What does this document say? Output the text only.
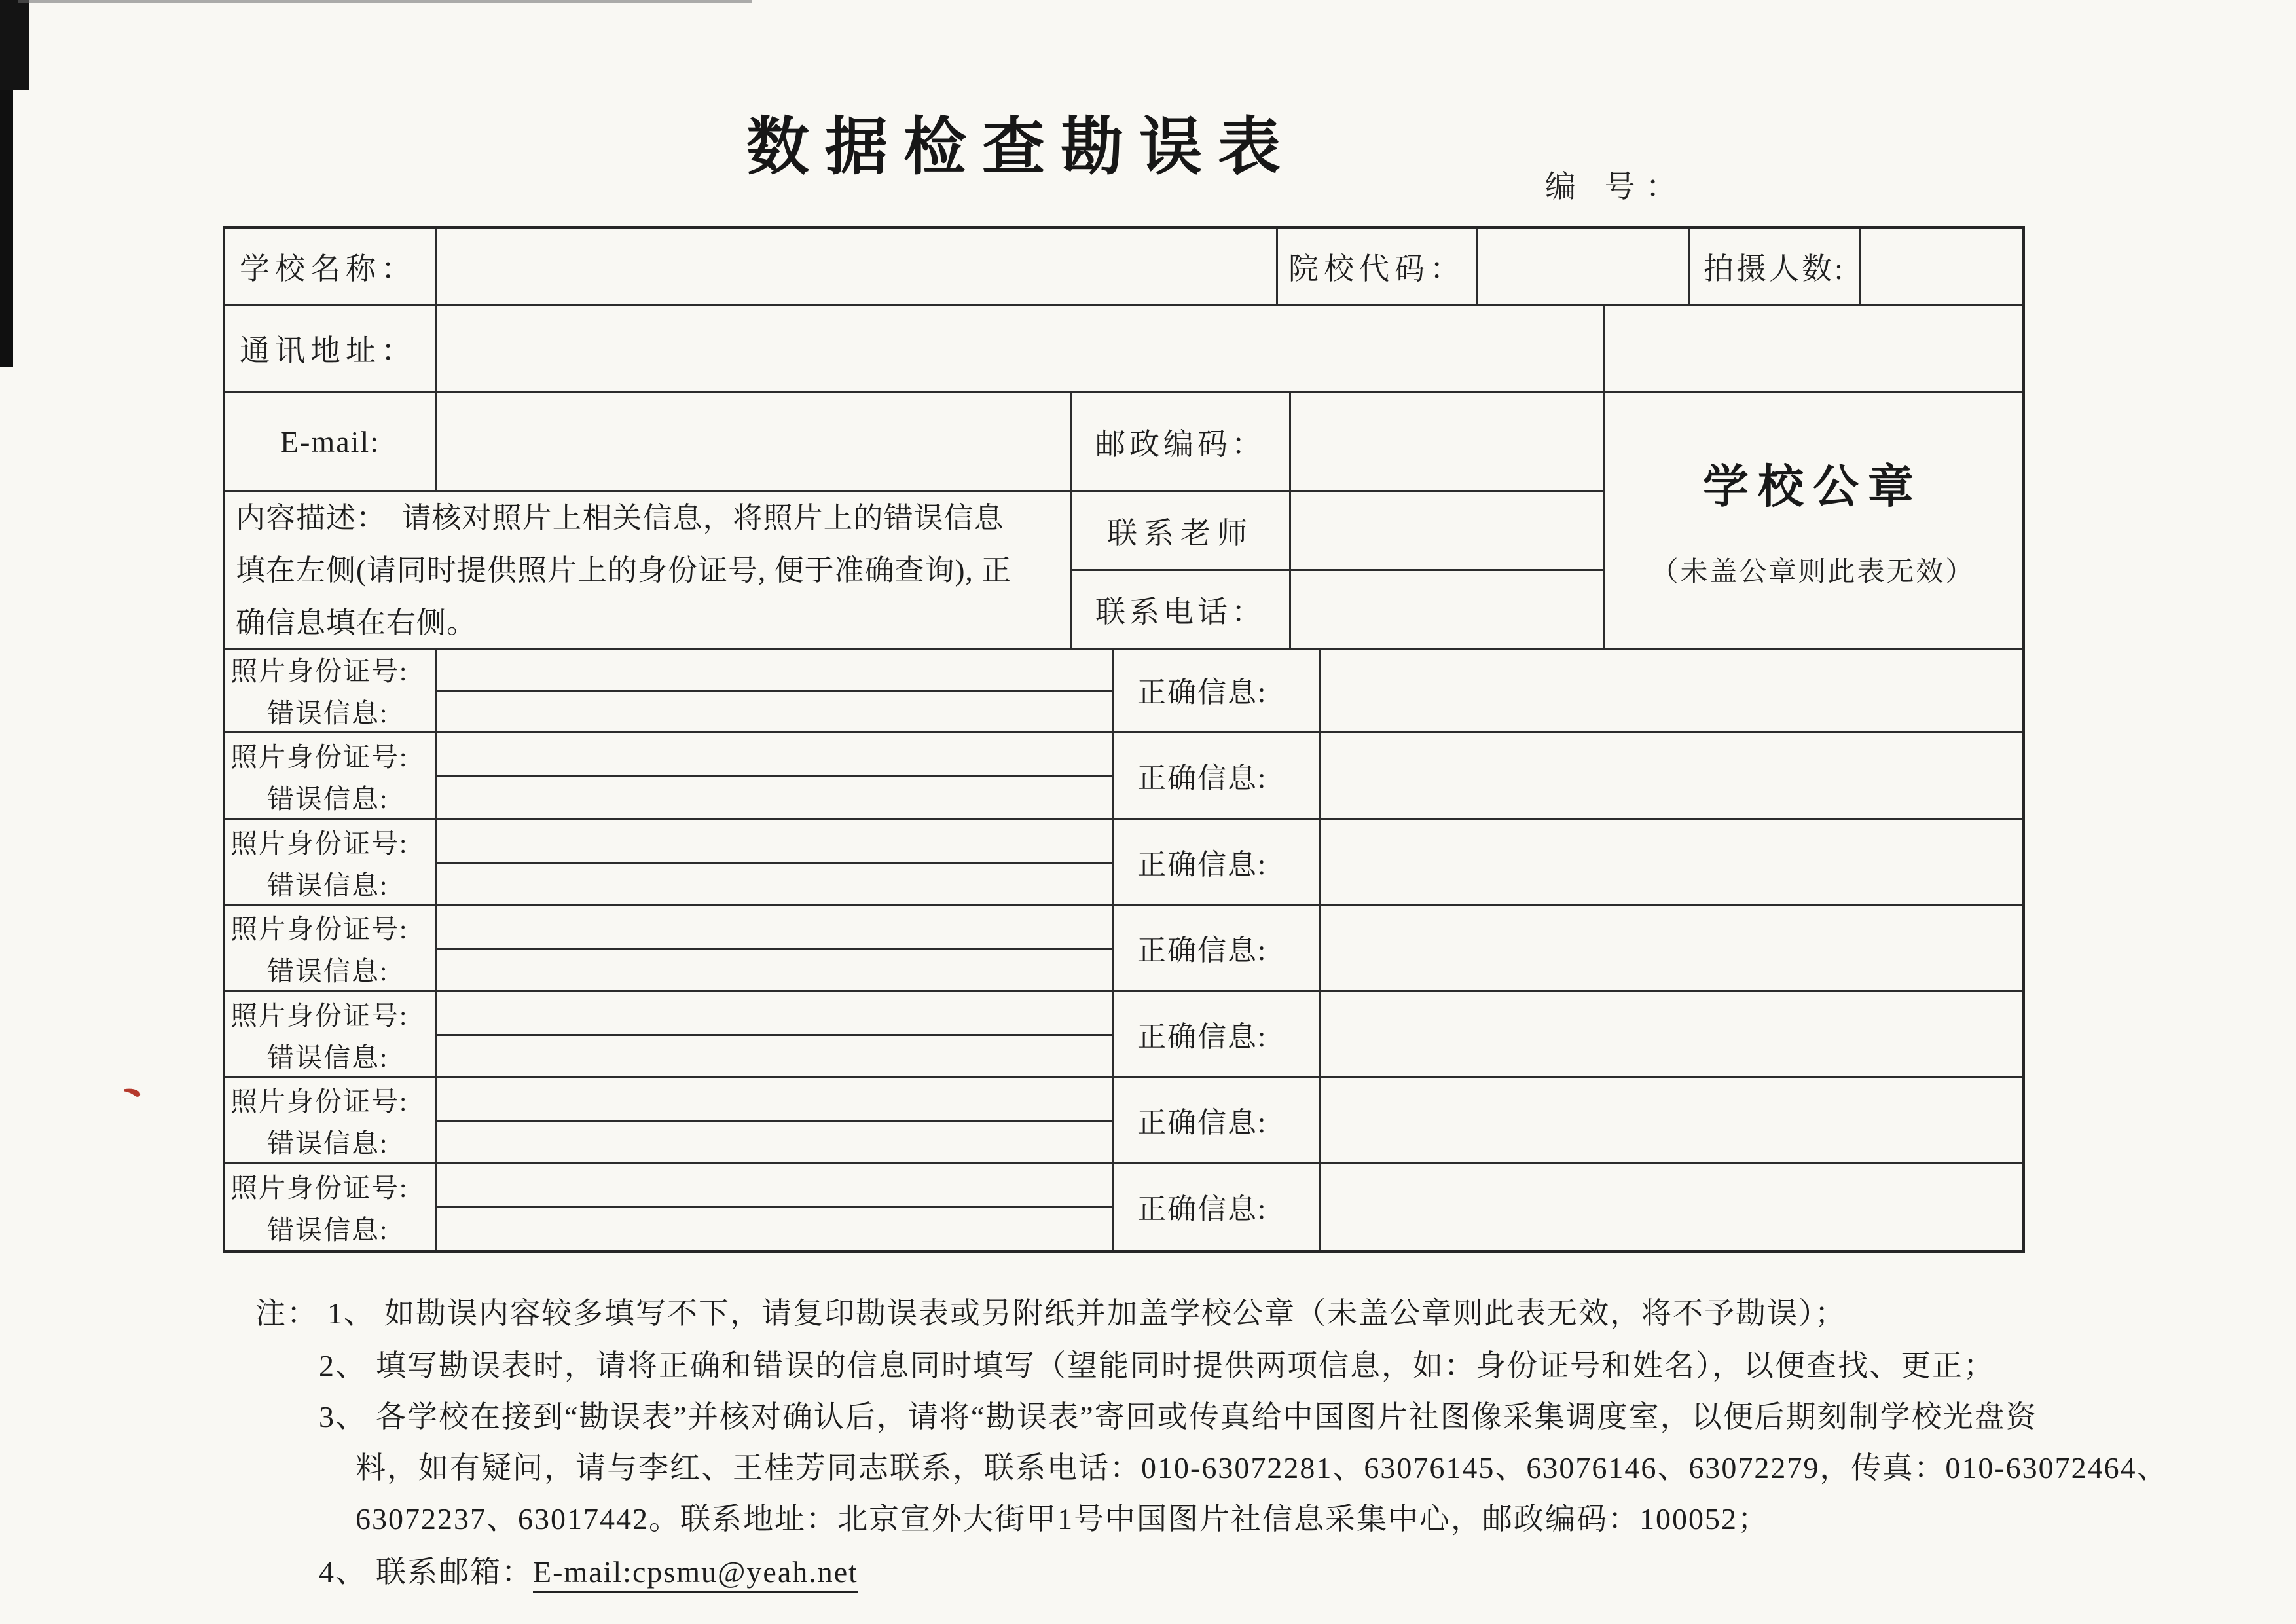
数据检查勘误表
编 号：
学校名称：	院校代码：	拍摄人数:
通讯地址：
E-mail:	邮政编码：
联系老师
联系电话：
内容描述：　请核对照片上相关信息，将照片上的错误信息
填在左侧(请同时提供照片上的身份证号, 便于准确查询), 正
确信息填在右侧。
学校公章
（未盖公章则此表无效）
照片身份证号:
错误信息:
正确信息:
照片身份证号:
错误信息:
正确信息:
照片身份证号:
错误信息:
正确信息:
照片身份证号:
错误信息:
正确信息:
照片身份证号:
错误信息:
正确信息:
照片身份证号:
错误信息:
正确信息:
照片身份证号:
错误信息:
正确信息:
注： 1、 如勘误内容较多填写不下，请复印勘误表或另附纸并加盖学校公章（未盖公章则此表无效，将不予勘误）；
2、 填写勘误表时，请将正确和错误的信息同时填写（望能同时提供两项信息，如：身份证号和姓名），以便查找、更正；
3、 各学校在接到“勘误表”并核对确认后，请将“勘误表”寄回或传真给中国图片社图像采集调度室，以便后期刻制学校光盘资
料，如有疑问，请与李红、王桂芳同志联系，联系电话：010-63072281、63076145、63076146、63072279，传真：010-63072464、
63072237、63017442。联系地址：北京宣外大街甲1号中国图片社信息采集中心，邮政编码：100052；
4、 联系邮箱：E-mail:cpsmu@yeah.net
、
